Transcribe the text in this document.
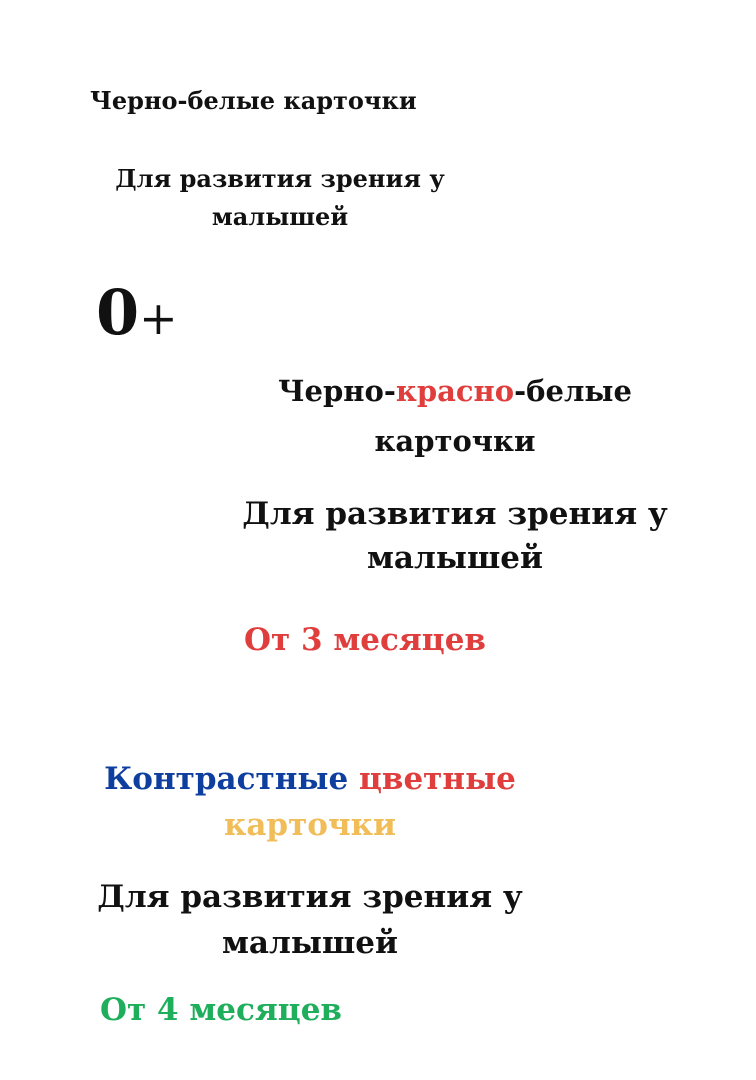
Черно-белые карточки
Для развития зрения у
малышей
0+
Черно-красно-белые
карточки
Для развития зрения у
малышей
От 3 месяцев
Контрастные цветные
карточки
Для развития зрения у
малышей
От 4 месяцев
